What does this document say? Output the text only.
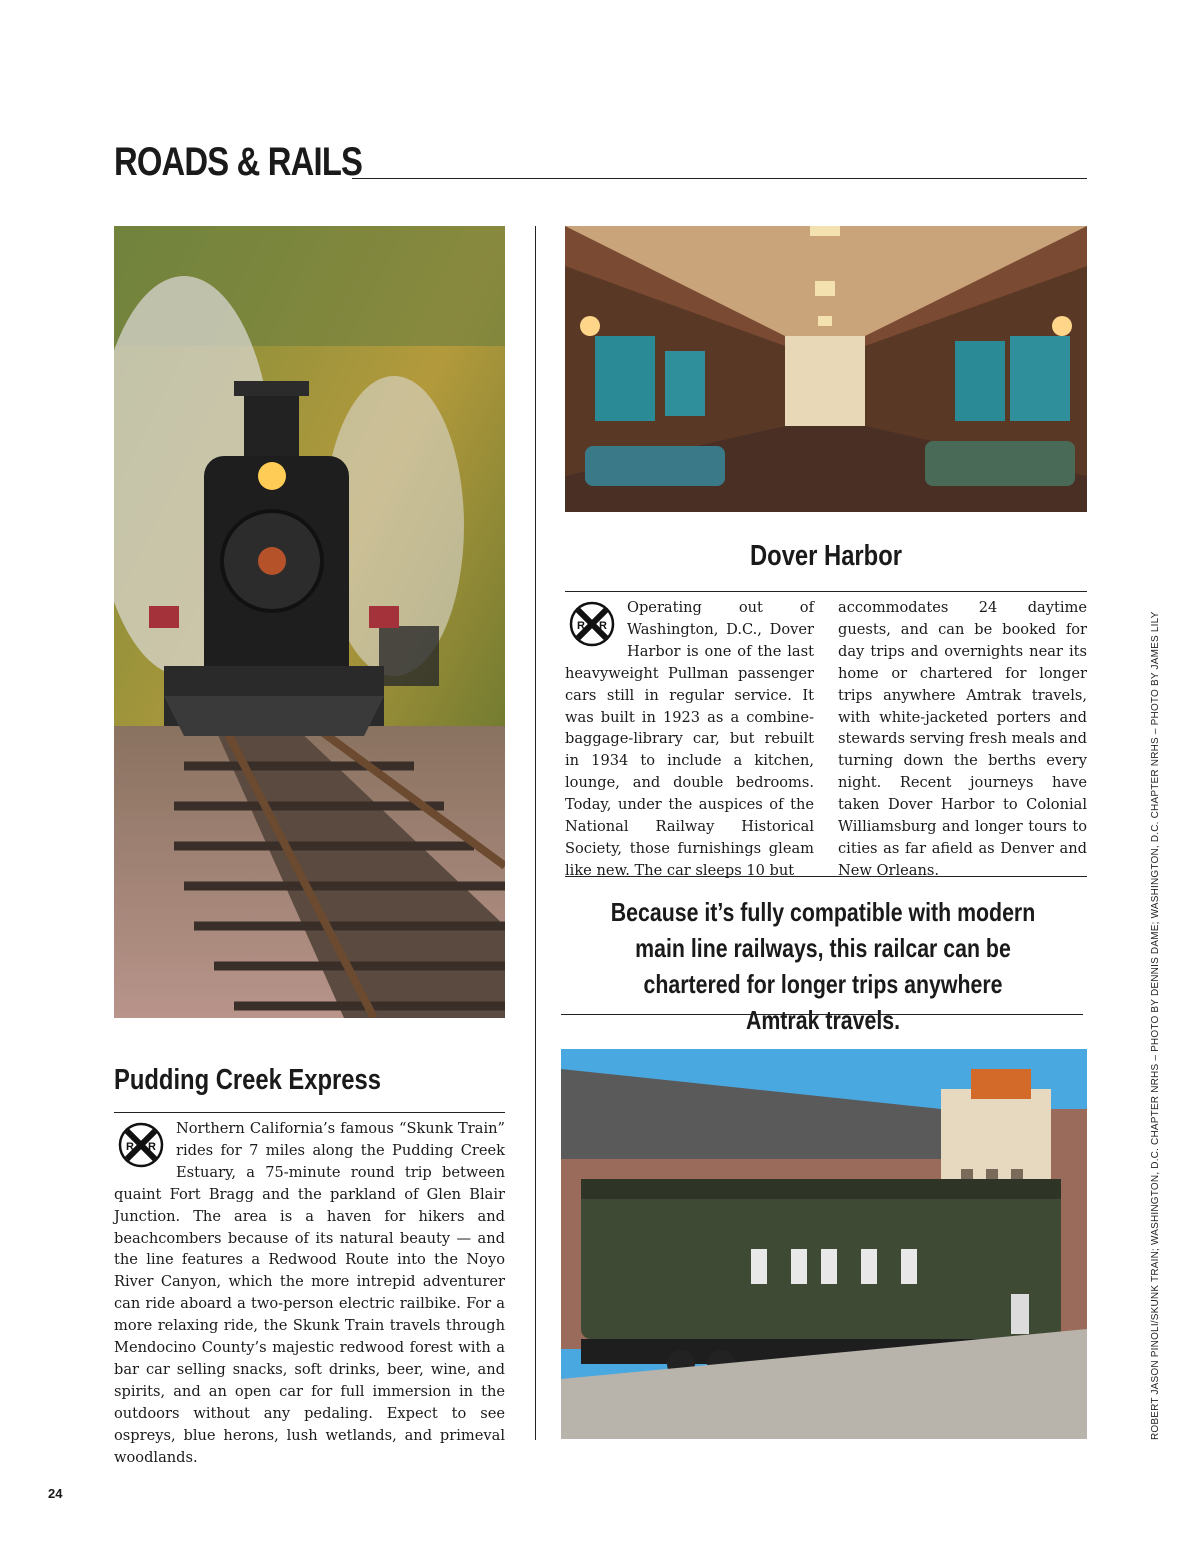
ROADS & RAILS
Pudding Creek Express
R R

Northern California’s famous “Skunk Train” rides for 7 miles along the Pudding Creek Estuary, a 75-minute round trip between quaint Fort Bragg and the parkland of Glen Blair Junction. The area is a haven for hikers and beachcombers because of its natural beauty — and the line features a Redwood Route into the Noyo River Canyon, which the more intrepid adventurer can ride aboard a two-person electric railbike. For a more relaxing ride, the Skunk Train travels through Mendocino County’s majestic redwood forest with a bar car selling snacks, soft drinks, beer, wine, and spirits, and an open car for full immersion in the outdoors without any pedaling. Expect to see ospreys, blue herons, lush wetlands, and primeval woodlands.

Dover Harbor
R R

Operating out of Washington, D.C., Dover Harbor is one of the last heavyweight Pullman passenger cars still in regular service. It was built in 1923 as a combine-baggage-library car, but rebuilt in 1934 to include a kitchen, lounge, and double bedrooms. Today, under the auspices of the National Railway Historical Society, those furnishings gleam like new. The car sleeps 10 but

accommodates 24 daytime guests, and can be booked for day trips and overnights near its home or chartered for longer trips anywhere Amtrak travels, with white-jacketed porters and stewards serving fresh meals and turning down the berths every night. Recent journeys have taken Dover Harbor to Colonial Williamsburg and longer tours to cities as far afield as Denver and New Orleans.

Because it’s fully compatible with modern main line railways, this railcar can be chartered for longer trips anywhere Amtrak travels.	ROBERT JASON PINOLI/SKUNK TRAIN; WASHINGTON, D.C. CHAPTER NRHS – PHOTO BY DENNIS DAME; WASHINGTON, D.C. CHAPTER NRHS – PHOTO BY JAMES LILY
24
